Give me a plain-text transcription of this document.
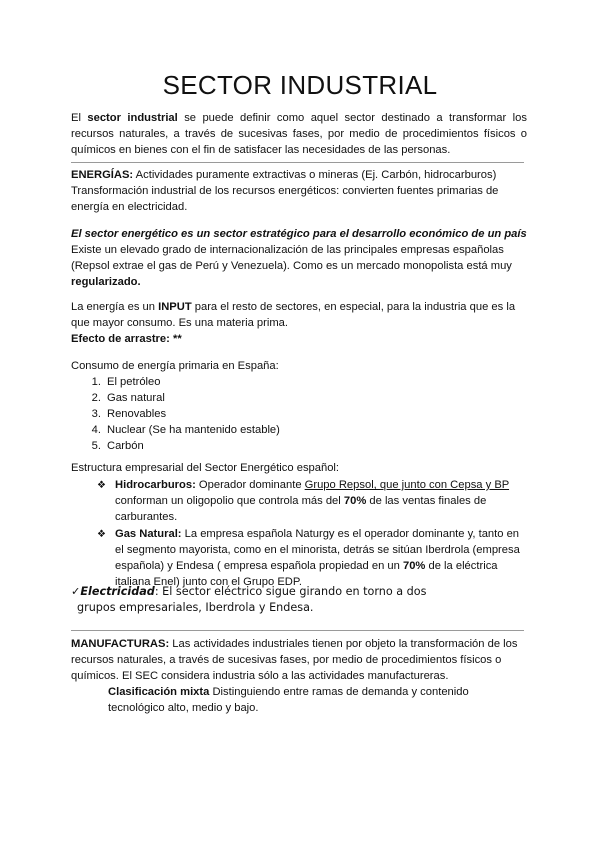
SECTOR INDUSTRIAL
El sector industrial se puede definir como aquel sector destinado a transformar los recursos naturales, a través de sucesivas fases, por medio de procedimientos físicos o químicos en bienes con el fin de satisfacer las necesidades de las personas.
ENERGÍAS: Actividades puramente extractivas o mineras (Ej. Carbón, hidrocarburos)
Transformación industrial de los recursos energéticos: convierten fuentes primarias de energía en electricidad.
El sector energético es un sector estratégico para el desarrollo económico de un país
Existe un elevado grado de internacionalización de las principales empresas españolas (Repsol extrae el gas de Perú y Venezuela). Como es un mercado monopolista está muy regularizado.
La energía es un INPUT para el resto de sectores, en especial, para la industria que es la que mayor consumo. Es una materia prima.
Efecto de arrastre: **
Consumo de energía primaria en España:
1. El petróleo
2. Gas natural
3. Renovables
4. Nuclear (Se ha mantenido estable)
5. Carbón
Estructura empresarial del Sector Energético español:
❖ Hidrocarburos: Operador dominante Grupo Repsol, que junto con Cepsa y BP conforman un oligopolio que controla más del 70% de las ventas finales de carburantes.
❖ Gas Natural: La empresa española Naturgy es el operador dominante y, tanto en el segmento mayorista, como en el minorista, detrás se sitúan Iberdrola (empresa española) y Endesa ( empresa española propiedad en un 70% de la eléctrica italiana Enel) junto con el Grupo EDP.
✓Electricidad: El sector eléctrico sigue girando en torno a dos
grupos empresariales, Iberdrola y Endesa.
MANUFACTURAS: Las actividades industriales tienen por objeto la transformación de los recursos naturales, a través de sucesivas fases, por medio de procedimientos físicos o químicos. El SEC considera industria sólo a las actividades manufactureras.
Clasificación mixta Distinguiendo entre ramas de demanda y contenido tecnológico alto, medio y bajo.
